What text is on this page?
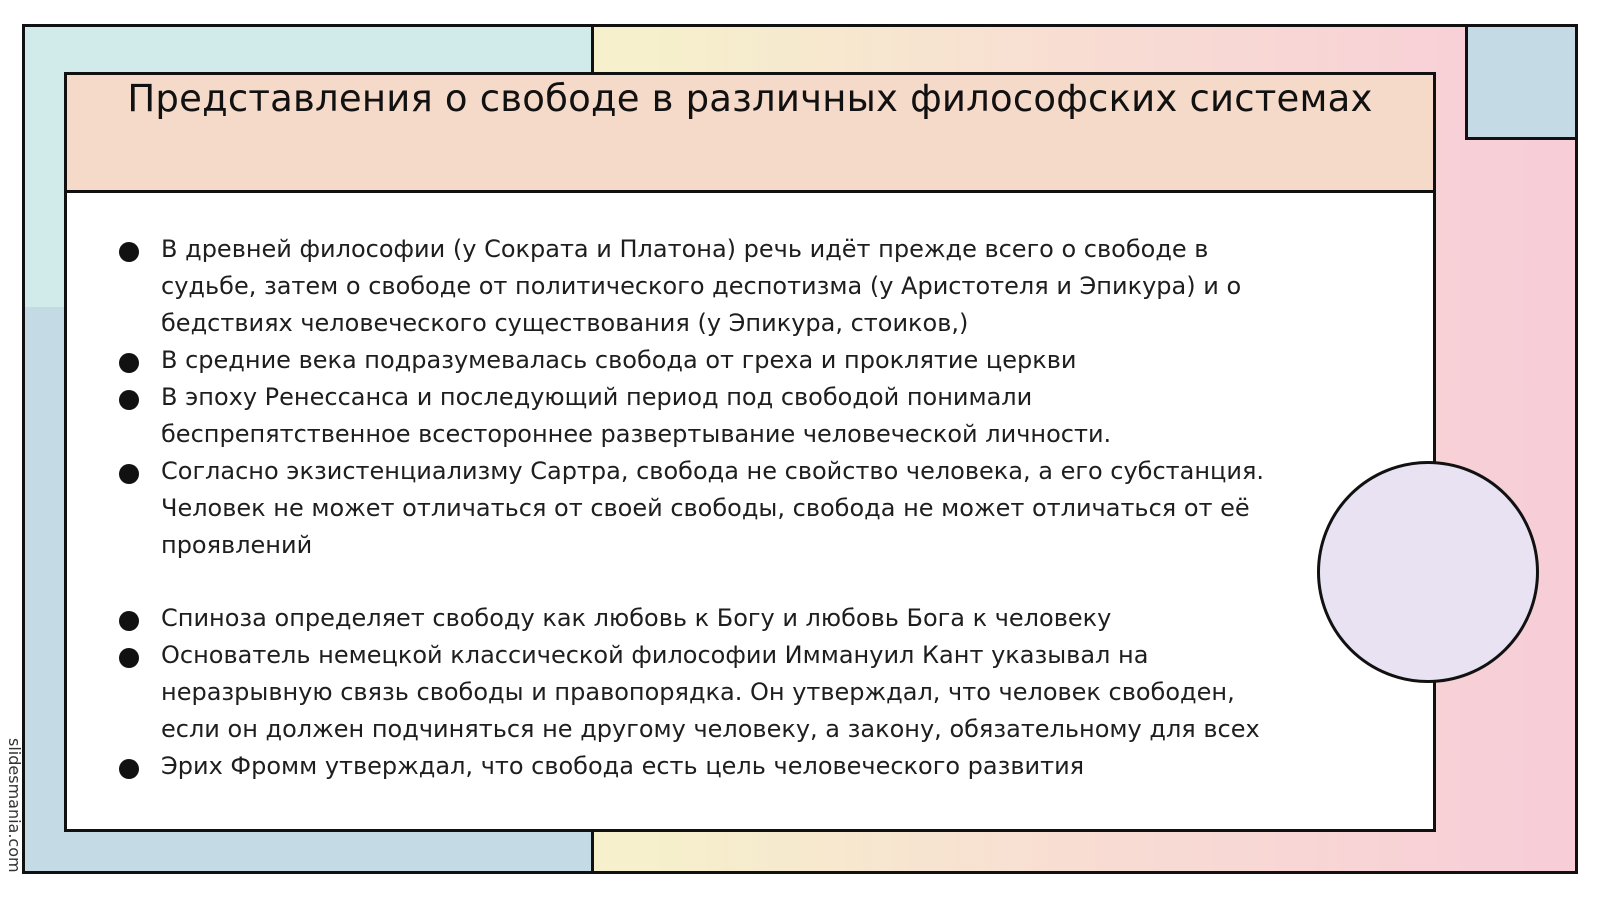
Представления о свободе в различных философских системах
В древней философии (у Сократа и Платона) речь идёт прежде всего о свободе в судьбе, затем о свободе от политического деспотизма (у Аристотеля и Эпикура) и о бедствиях человеческого существования (у Эпикура, стоиков,)
В средние века подразумевалась свобода от греха и проклятие церкви
В эпоху Ренессанса и последующий период под свободой понимали беспрепятственное всестороннее развертывание человеческой личности.
Согласно экзистенциализму Сартра, свобода не свойство человека, а его субстанция. Человек не может отличаться от своей свободы, свобода не может отличаться от её проявлений
Спиноза определяет свободу как любовь к Богу и любовь Бога к человеку
Основатель немецкой классической философии Иммануил Кант указывал на неразрывную связь свободы и правопорядка. Он утверждал, что человек свободен, если он должен подчиняться не другому человеку, а закону, обязательному для всех
Эрих Фромм утверждал, что свобода есть цель человеческого развития
slidesmania.com
